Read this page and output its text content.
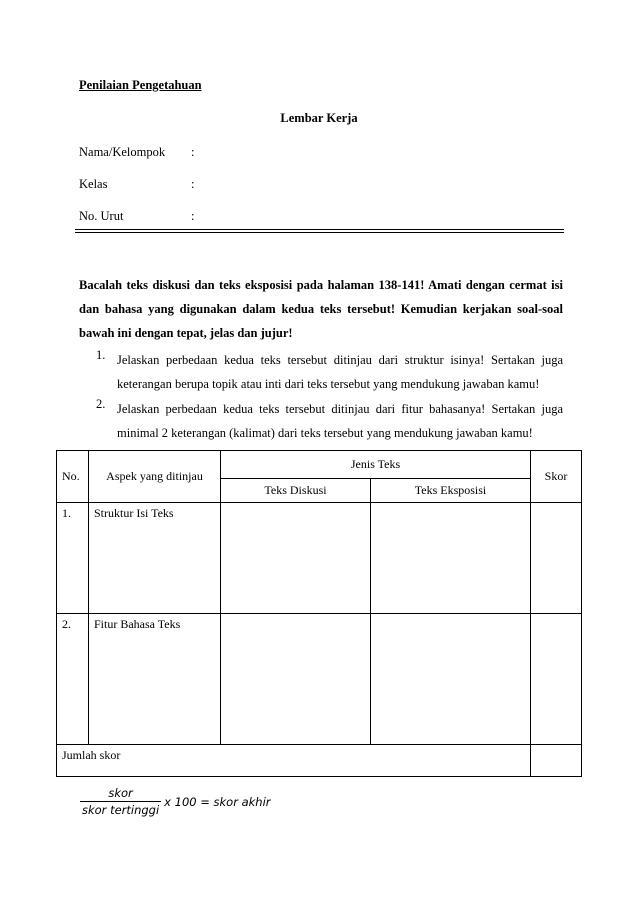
Penilaian Pengetahuan
Lembar Kerja
Nama/Kelompok :
Kelas	:
No. Urut	:
Bacalah teks diskusi dan teks eksposisi pada halaman 138-141! Amati dengan cermat isi dan bahasa yang digunakan dalam kedua teks tersebut! Kemudian kerjakan soal-soal bawah ini dengan tepat, jelas dan jujur!
1. Jelaskan perbedaan kedua teks tersebut ditinjau dari struktur isinya! Sertakan juga keterangan berupa topik atau inti dari teks tersebut yang mendukung jawaban kamu!
2. Jelaskan perbedaan kedua teks tersebut ditinjau dari fitur bahasanya! Sertakan juga minimal 2 keterangan (kalimat) dari teks tersebut yang mendukung jawaban kamu!
No.	Aspek yang ditinjau	Jenis Teks		Skor

		Teks Diskusi	Teks Eksposisi	

1.	Struktur Isi Teks			

2.	Fitur Bahasa Teks			

Jumlah skor				

$\frac{\text{skor}}{\text{skor tertinggi}}$ x 100 = skor akhir
